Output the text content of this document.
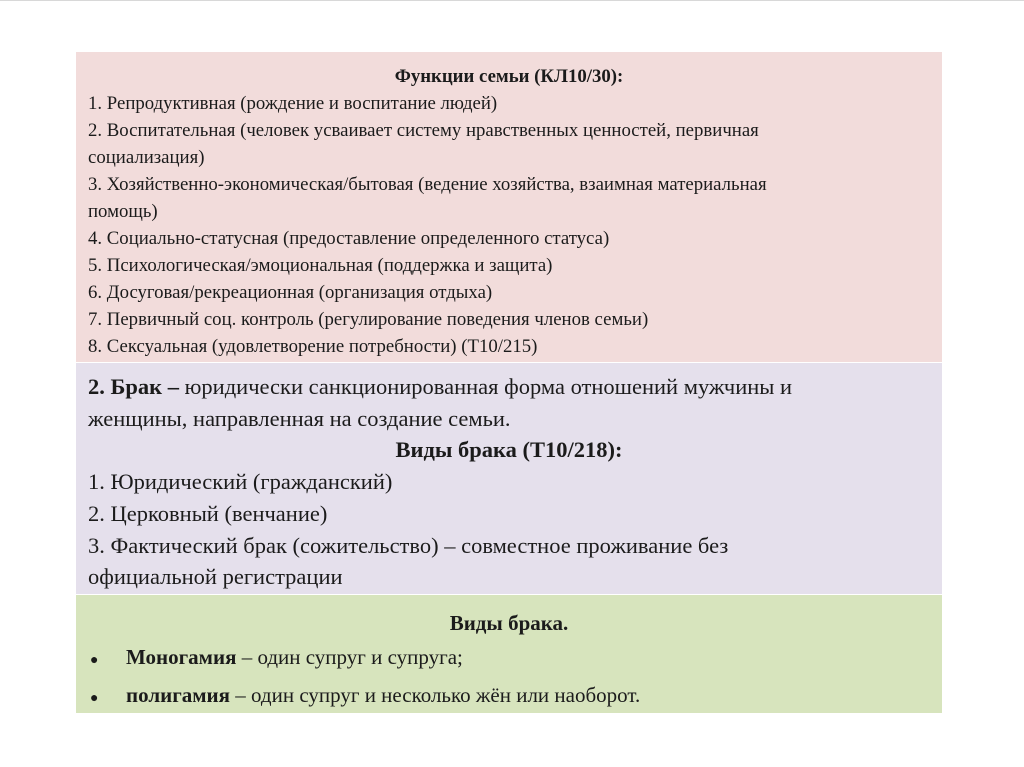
Функции семьи (КЛ10/30):
1. Репродуктивная (рождение и воспитание людей)
2. Воспитательная (человек усваивает систему нравственных ценностей, первичная
социализация)
3. Хозяйственно-экономическая/бытовая (ведение хозяйства, взаимная материальная
помощь)
4. Социально-статусная (предоставление определенного статуса)
5. Психологическая/эмоциональная (поддержка и защита)
6. Досуговая/рекреационная (организация отдыха)
7. Первичный соц. контроль (регулирование поведения членов семьи)
8. Сексуальная (удовлетворение потребности) (Т10/215)
2. Брак – юридически санкционированная форма отношений мужчины и
женщины, направленная на создание семьи.
Виды брака (Т10/218):
1. Юридический (гражданский)
2. Церковный (венчание)
3. Фактический брак (сожительство) – совместное проживание без
официальной регистрации
Виды брака.
●	Моногамия – один супруг и супруга;
●	полигамия – один супруг и несколько жён или наоборот.
